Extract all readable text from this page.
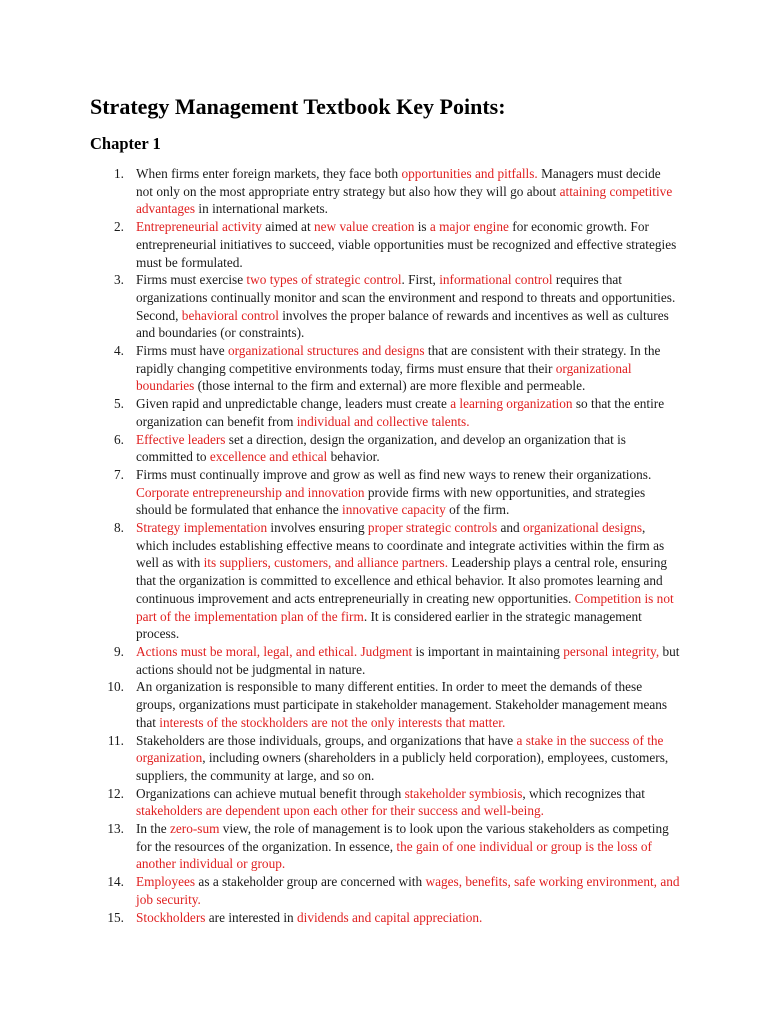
Strategy Management Textbook Key Points:
Chapter 1
1. When firms enter foreign markets, they face both opportunities and pitfalls. Managers must decide not only on the most appropriate entry strategy but also how they will go about attaining competitive advantages in international markets.
2. Entrepreneurial activity aimed at new value creation is a major engine for economic growth. For entrepreneurial initiatives to succeed, viable opportunities must be recognized and effective strategies must be formulated.
3. Firms must exercise two types of strategic control. First, informational control requires that organizations continually monitor and scan the environment and respond to threats and opportunities. Second, behavioral control involves the proper balance of rewards and incentives as well as cultures and boundaries (or constraints).
4. Firms must have organizational structures and designs that are consistent with their strategy. In the rapidly changing competitive environments today, firms must ensure that their organizational boundaries (those internal to the firm and external) are more flexible and permeable.
5. Given rapid and unpredictable change, leaders must create a learning organization so that the entire organization can benefit from individual and collective talents.
6. Effective leaders set a direction, design the organization, and develop an organization that is committed to excellence and ethical behavior.
7. Firms must continually improve and grow as well as find new ways to renew their organizations. Corporate entrepreneurship and innovation provide firms with new opportunities, and strategies should be formulated that enhance the innovative capacity of the firm.
8. Strategy implementation involves ensuring proper strategic controls and organizational designs, which includes establishing effective means to coordinate and integrate activities within the firm as well as with its suppliers, customers, and alliance partners. Leadership plays a central role, ensuring that the organization is committed to excellence and ethical behavior. It also promotes learning and continuous improvement and acts entrepreneurially in creating new opportunities. Competition is not part of the implementation plan of the firm. It is considered earlier in the strategic management process.
9. Actions must be moral, legal, and ethical. Judgment is important in maintaining personal integrity, but actions should not be judgmental in nature.
10. An organization is responsible to many different entities. In order to meet the demands of these groups, organizations must participate in stakeholder management. Stakeholder management means that interests of the stockholders are not the only interests that matter.
11. Stakeholders are those individuals, groups, and organizations that have a stake in the success of the organization, including owners (shareholders in a publicly held corporation), employees, customers, suppliers, the community at large, and so on.
12. Organizations can achieve mutual benefit through stakeholder symbiosis, which recognizes that stakeholders are dependent upon each other for their success and well-being.
13. In the zero-sum view, the role of management is to look upon the various stakeholders as competing for the resources of the organization. In essence, the gain of one individual or group is the loss of another individual or group.
14. Employees as a stakeholder group are concerned with wages, benefits, safe working environment, and job security.
15. Stockholders are interested in dividends and capital appreciation.
